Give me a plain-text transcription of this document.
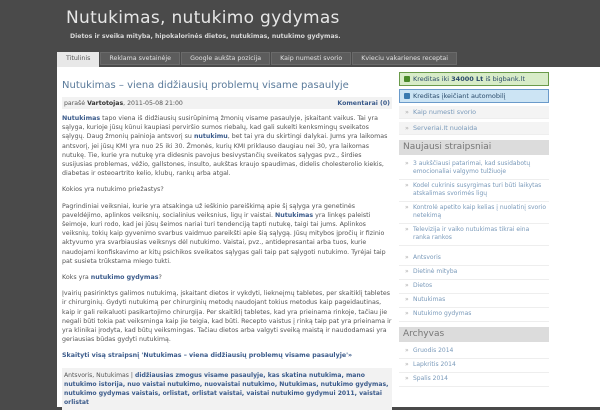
Nutukimas, nutukimo gydymas
Dietos ir sveika mityba, hipokalorinės dietos, nutukimas, nutukimo gydymas.
Titulinis	Reklama svetainėje	Google aukšta pozicija	Kaip numesti svorio	Kvieciu vakarienes receptai
Nutukimas – viena didžiausių problemų visame pasaulyje
parašė Vartotojas, 2011-05-08 21:00	Komentarai (0)

Nutukimas tapo viena iš didžiausių susirūpinimą žmonių visame pasaulyje, įskaitant vaikus. Tai yra sąlyga, kurioje jūsų kūnui kaupiasi perviršio sumos riebalų, kad gali sukelti kenksmingų sveikatos sąlygų. Daug žmonių painioja antsvorį su nutukimu, bet tai yra du skirtingi dalykai. Jums yra laikomas antsvorį, jei jūsų KMI yra nuo 25 iki 30. Žmonės, kurių KMI priklauso daugiau nei 30, yra laikomas nutukę. Tie, kurie yra nutukę yra didesnis pavojus besivystančių sveikatos sąlygas pvz., širdies susijusias problemas, vėžio, gallstones, insulto, aukštas kraujo spaudimas, didelis cholesterolio kiekis, diabetas ir osteoartrito kelio, klubų, rankų arba atgal.

Kokios yra nutukimo priežastys?

Pagrindiniai veiksniai, kurie yra atsakinga už ieškinio pareiškimą apie šį sąlyga yra genetinės paveldėjimo, aplinkos veiksnių, socialinius veiksnius, ligų ir vaistai. Nutukimas yra linkęs paleisti šeimoje, kuri rodo, kad jei jūsų šeimos nariai turi tendenciją tapti nutukę, taigi tai jums. Aplinkos veiksnių, tokių kaip gyvenimo svarbus vaidmuo pareikšti apie šią sąlygą. Jūsų mitybos įpročių ir fizinio aktyvumo yra svarbiausias veiksnys dėl nutukimo. Vaistai, pvz., antidepresantai arba tuos, kurie naudojami konfiskavimo ar kitų psichikos sveikatos sąlygas gali taip pat sąlygoti nutukimo. Tyrėjai taip pat susieta trūkstama miego tukti.

Koks yra nutukimo gydymas?

Įvairių pasirinktys galimos nutukimą, įskaitant dietos ir vykdyti, liekneįmų tabletes, per skaitiklį tabletes ir chirurginių. Gydyti nutukimą per chirurginių metodų naudojant tokius metodus kaip pageidautinas, kaip ir gali reikaluoti pasikartojimo chirurgija. Per skaitiklį tabletes, kad yra prieinama rinkoje, tačiau jie negali būti tokia pat veiksminga kaip jie teigia, kad būti. Recepto vaistus į rinką taip pat yra prieinama ir yra klinikai įrodyta, kad būtų veiksmingas. Tačiau dietos arba valgyti sveiką maistą ir naudodamasi yra geriausias būdas gydyti nutukimą.

Skaityti visą straipsnį 'Nutukimas – viena didžiausių problemų visame pasaulyje'»

Antsvoris, Nutukimas | didžiausias zmogus visame pasaulyje, kas skatina nutukima, mano nutukimo istorija, nuo vaistai nutukimo, nuovaistai nutukimo, Nutukimas, nutukimo gydymas, nutukimo gydymas vaistais, orlistat, orlistat vaistai, vaistai nutukimo gydymui 2011, vaistai orlistat
Kreditas iki 34000 Lt iš bigbank.lt
Kreditas įkeičiant automobilį
» Kaip numesti svorio
» Serveriai.lt nuolaida
Naujausi straipsniai
» 3 aukščiausi patarimai, kad susidabotų emocionaliai valgymo tulžiuoje
» Kodel cukrinis susyrgimas turi būti laikytas atskalimas svorimės ligų
» Kontrolė apetito kaip kelias į nuolatinį svorio netekimą
» Televizija ir vaiko nutukimas tikrai eina ranka rankos
» Antsvoris
» Dietinė mityba
» Dietos
» Nutukimas
» Nutukimo gydymas
Archyvas
» Gruodis 2014
» Lapkritis 2014
» Spalis 2014
